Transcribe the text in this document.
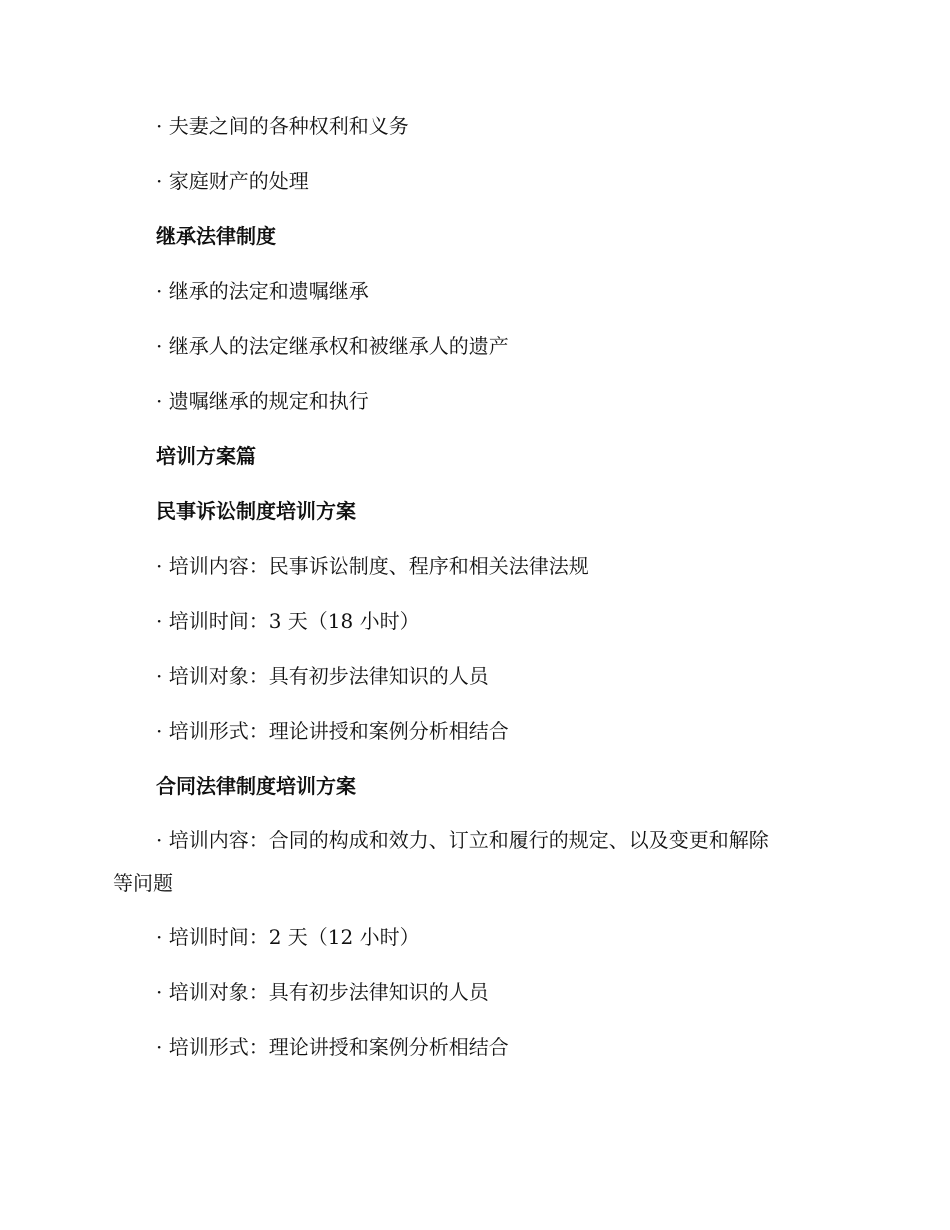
· 夫妻之间的各种权利和义务
· 家庭财产的处理
继承法律制度
· 继承的法定和遗嘱继承
· 继承人的法定继承权和被继承人的遗产
· 遗嘱继承的规定和执行
培训方案篇
民事诉讼制度培训方案
· 培训内容：民事诉讼制度、程序和相关法律法规
· 培训时间：3 天（18 小时）
· 培训对象：具有初步法律知识的人员
· 培训形式：理论讲授和案例分析相结合
合同法律制度培训方案
· 培训内容：合同的构成和效力、订立和履行的规定、以及变更和解除
等问题
· 培训时间：2 天（12 小时）
· 培训对象：具有初步法律知识的人员
· 培训形式：理论讲授和案例分析相结合
